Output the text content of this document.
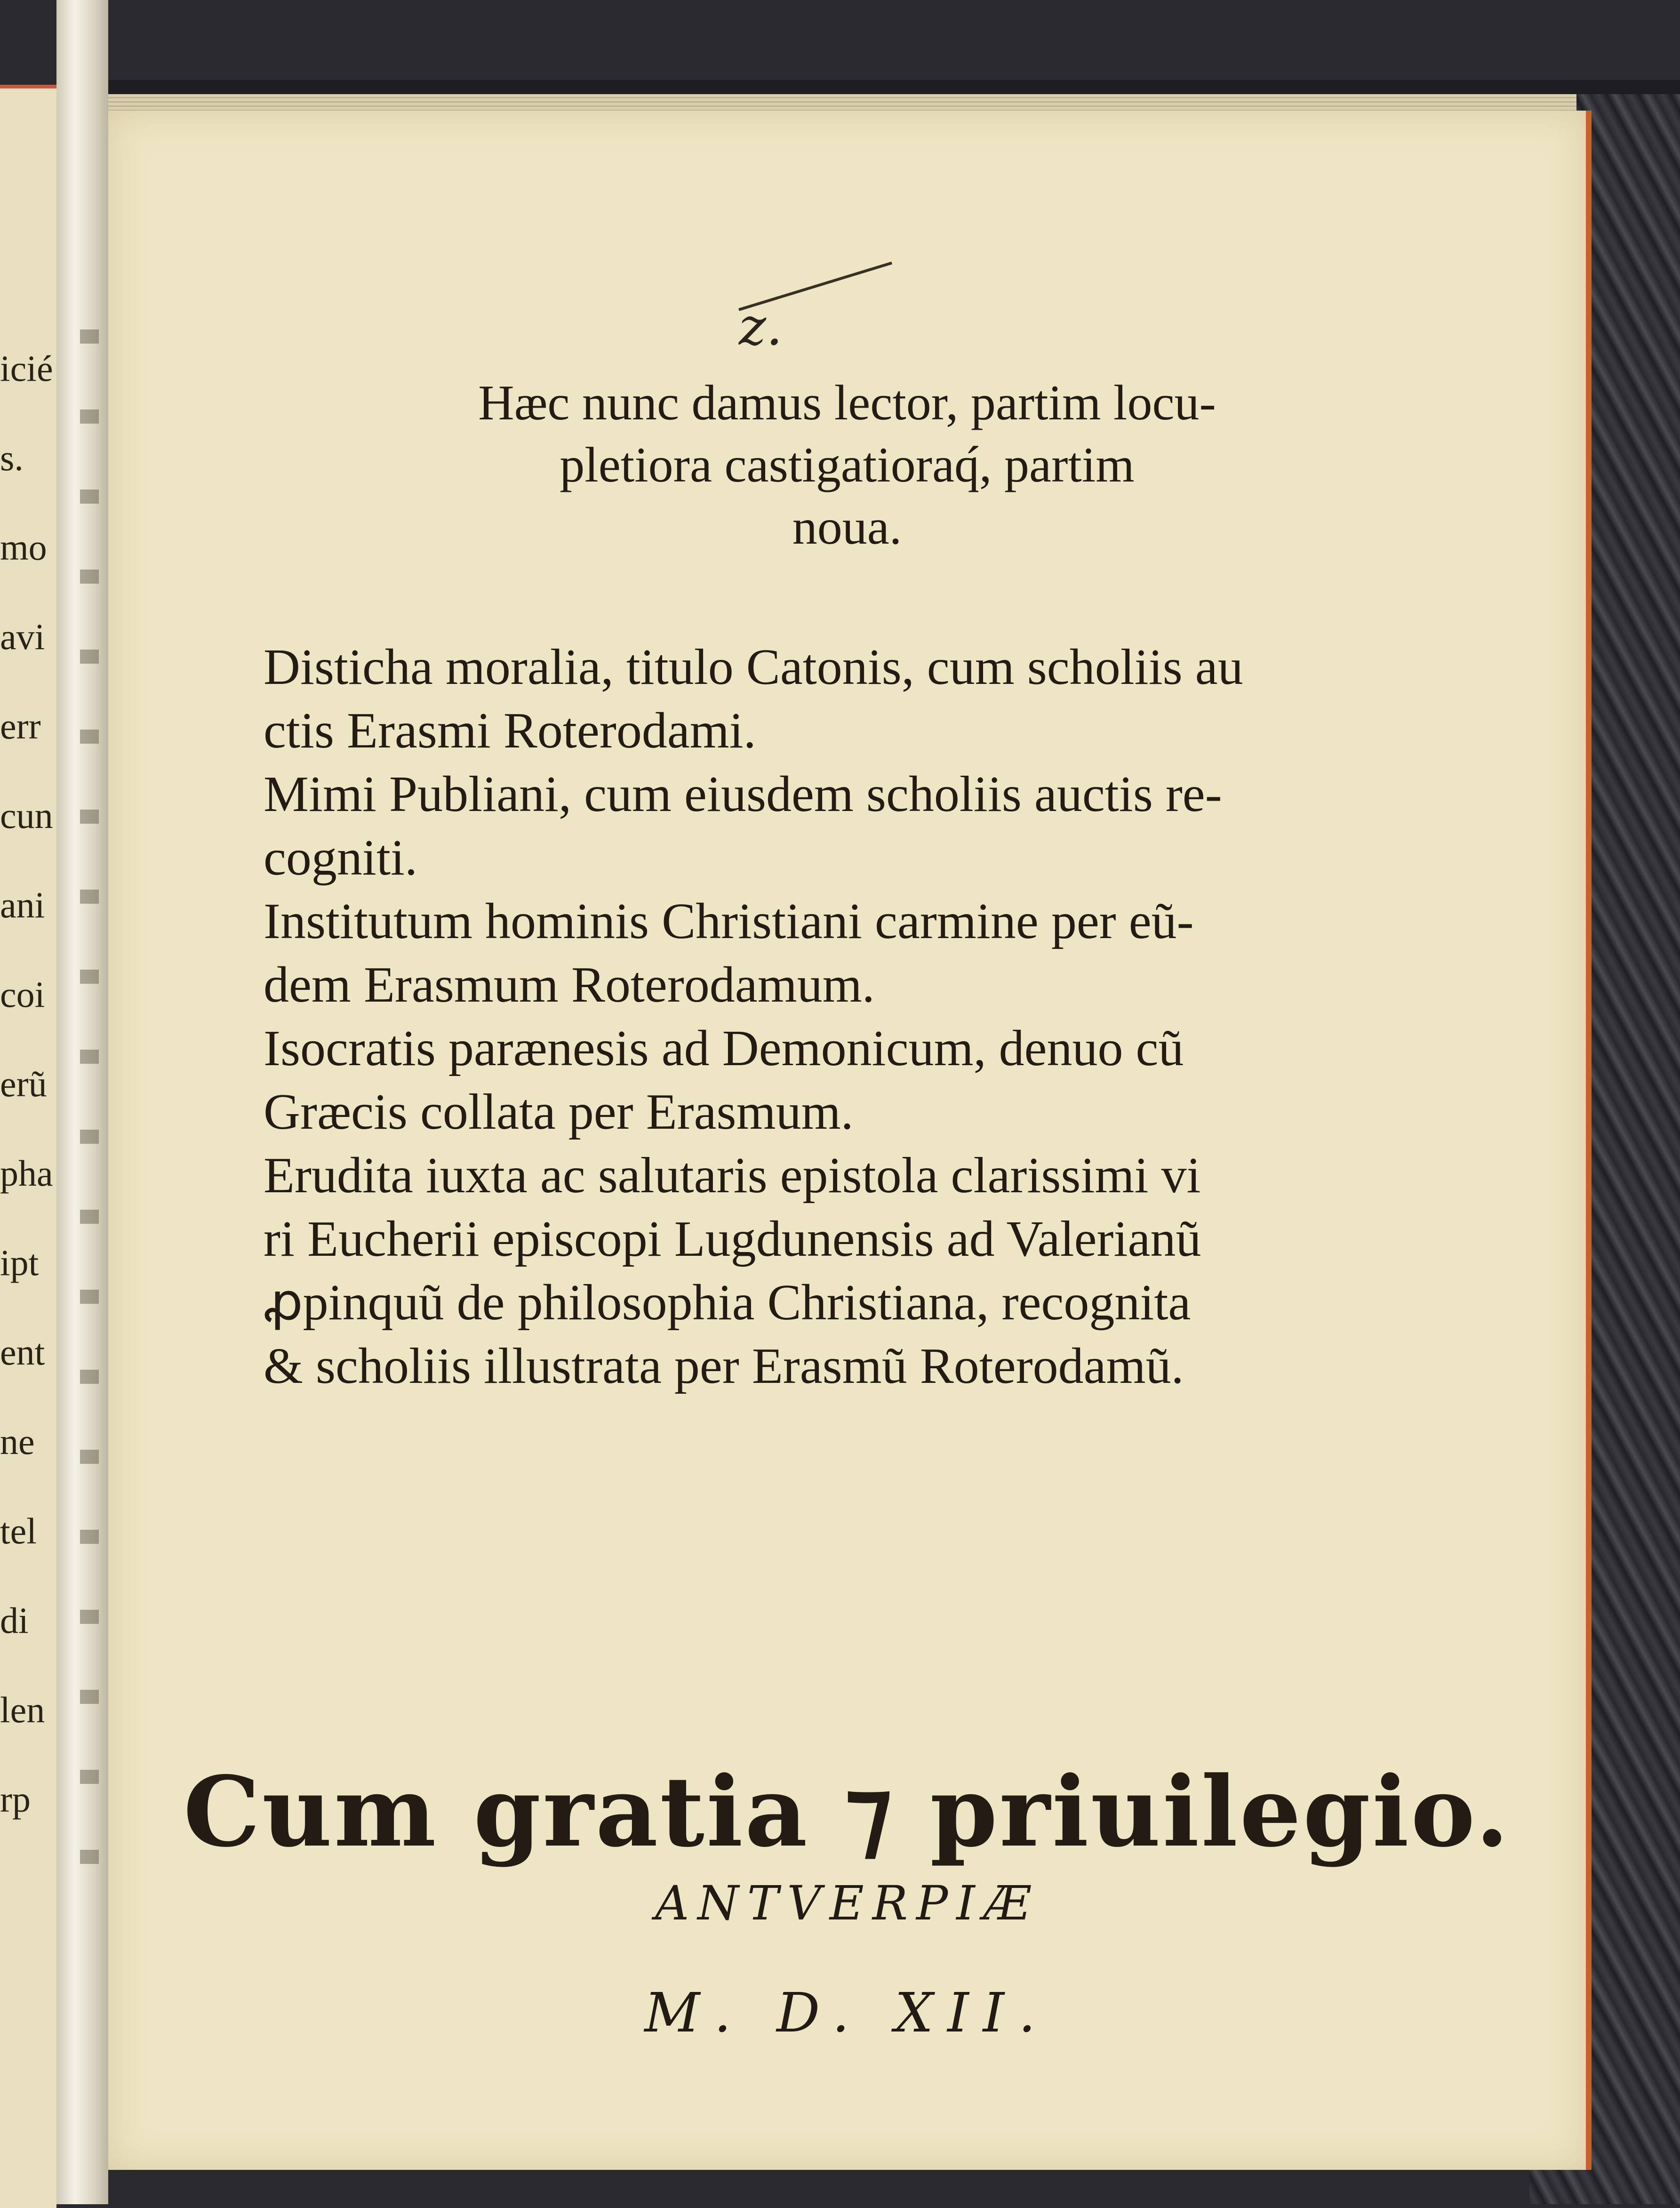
icié
s.
mo
avi
err
cun
ani
coi
erũ
pha
ipt
ent
ne
tel
di
len
rp
z.
Hæc nunc damus lector, partim locu-
pletiora castigatioraq́, partim
noua.
Disticha moralia, titulo Catonis, cum scholiis au
ctis Erasmi Roterodami.
Mimi Publiani, cum eiusdem scholiis auctis re-
cogniti.
Institutum hominis Christiani carmine per eũ-
dem Erasmum Roterodamum.
Isocratis parænesis ad Demonicum, denuo cũ
Græcis collata per Erasmum.
Erudita iuxta ac salutaris epistola clarissimi vi
ri Eucherii episcopi Lugdunensis ad Valerianũ
ꝓpinquũ de philosophia Christiana, recognita
& scholiis illustrata per Erasmũ Roterodamũ.
Cum gratia ⁊ priuilegio.
ANTVERPIÆ
M. D. XII.
